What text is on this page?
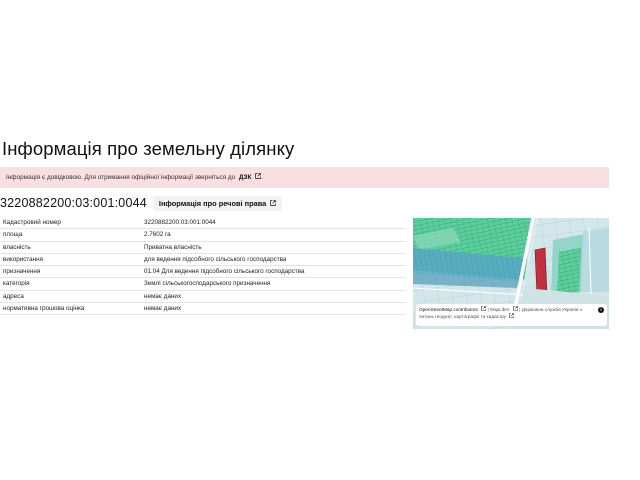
Інформація про земельну ділянку
Інформація є довідковою. Для отримання офіційної інформації зверніться до ДЗК .
3220882200:03:001:0044 Інформація про речові права
Кадастровий номер	3220882200:03:001:0044
площа	2.7602 га
власність	Приватна власність
використання	для ведення підсобного сільського господарства
призначення	01.04 Для ведення підсобного сільського господарства
категорія	Землі сільськогосподарського призначення
адреса	немає даних
нормативна грошова оцінка	немає даних	OpenStreetMap contributors | MapLibre | Державна служба України з питань геодезії, картографії та кадастру
i
